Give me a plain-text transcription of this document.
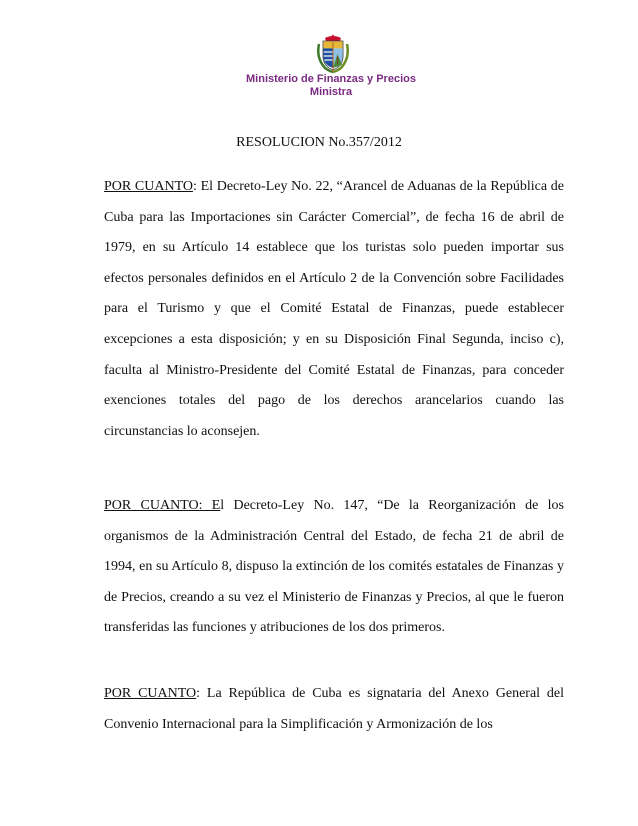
Ministerio de Finanzas y Precios
Ministra
RESOLUCION No.357/2012

POR CUANTO: El Decreto-Ley No. 22, “Arancel de Aduanas de la República de Cuba para las Importaciones sin Carácter Comercial”, de fecha 16 de abril de 1979, en su Artículo 14 establece que los turistas solo pueden importar sus efectos personales definidos en el Artículo 2 de la Convención sobre Facilidades para el Turismo y que el Comité Estatal de Finanzas, puede establecer excepciones a esta disposición; y en su Disposición Final Segunda, inciso c), faculta al Ministro-Presidente del Comité Estatal de Finanzas, para conceder exenciones totales del pago de los derechos arancelarios cuando las circunstancias lo aconsejen.

POR CUANTO: El Decreto-Ley No. 147, “De la Reorganización de los organismos de la Administración Central del Estado, de fecha 21 de abril de 1994, en su Artículo 8, dispuso la extinción de los comités estatales de Finanzas y de Precios, creando a su vez el Ministerio de Finanzas y Precios, al que le fueron transferidas las funciones y atribuciones de los dos primeros.

POR CUANTO: La República de Cuba es signataria del Anexo General del Convenio Internacional para la Simplificación y Armonización de los
